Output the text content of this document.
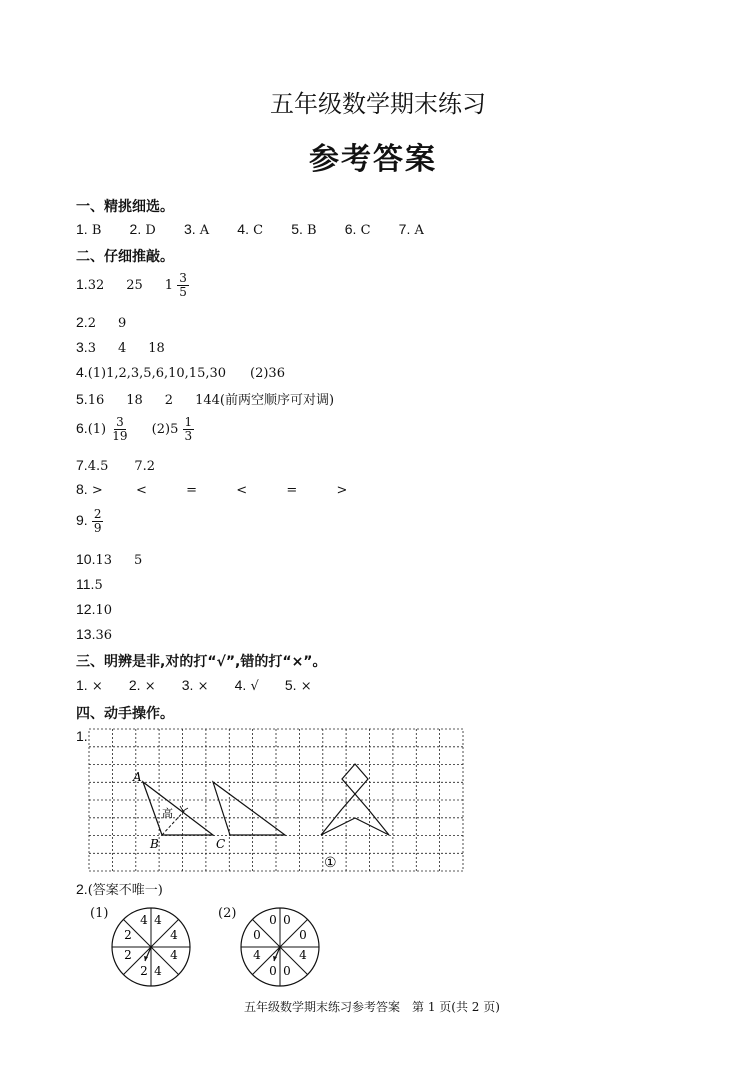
五年级数学期末练习
参考答案
一、精挑细选。
1. B 2. D 3. A 4. C 5. B 6. C 7. A
二、仔细推敲。
1.32 25 $1 \frac{3}{5}$
2.2 9
3.3 4 18
4.(1)1,2,3,5,6,10,15,30 (2)36
5.16 18 2 144(前两空顺序可对调)
$6.(1) \frac{3}{19} (2)5 \frac{1}{3}$
7.4.5 7.2
8. >	<	=	<	=	>
9. $\frac{2}{9}$
10.13 5
11.5
12.10
13.36
三、明辨是非,对的打“√”,错的打“×”。
1. × 2. × 3. × 4. √ 5. ×
四、动手操作。
1.
A
B	C
高
①
2.(答案不唯一)
(1)	(2)
4
4
4
4
2
2
2
4	0
0
4
0
0
4
0
0
五年级数学期末练习参考答案　第 1 页(共 2 页)
